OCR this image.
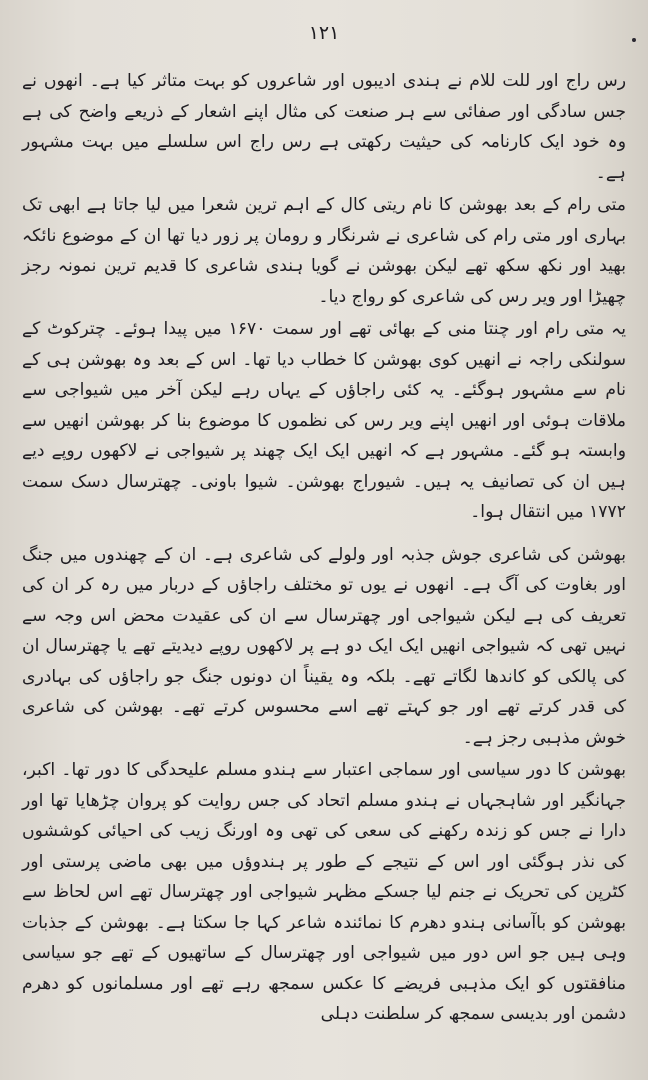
١٢١

رس راج اور للت للام نے ہندی ادیبوں اور شاعروں کو بہت متاثر کیا ہے۔ انھوں نے جس سادگی اور صفائی سے ہر صنعت کی مثال اپنے اشعار کے ذریعے واضح کی ہے وہ خود ایک کارنامہ کی حیثیت رکھتی ہے رس راج اس سلسلے میں بہت مشہور ہے۔

متی رام کے بعد بھوشن کا نام ریتی کال کے اہم ترین شعرا میں لیا جاتا ہے ابھی تک بہاری اور متی رام کی شاعری نے شرنگار و رومان پر زور دیا تھا ان کے موضوع نائکہ بھید اور نکھ سکھ تھے لیکن بھوشن نے گویا ہندی شاعری کا قدیم ترین نمونہ رجز چھیڑا اور ویر رس کی شاعری کو رواج دیا۔

یہ متی رام اور چنتا منی کے بھائی تھے اور سمت ۱۶۷۰ میں پیدا ہوئے۔ چترکوٹ کے سولنکی راجہ نے انھیں کوی بھوشن کا خطاب دیا تھا۔ اس کے بعد وہ بھوشن ہی کے نام سے مشہور ہوگئے۔ یہ کئی راجاؤں کے یہاں رہے لیکن آخر میں شیواجی سے ملاقات ہوئی اور انھیں اپنے ویر رس کی نظموں کا موضوع بنا کر بھوشن انھیں سے وابستہ ہو گئے۔ مشہور ہے کہ انھیں ایک ایک چھند پر شیواجی نے لاکھوں روپے دیے ہیں ان کی تصانیف یہ ہیں۔ شیوراج بھوشن۔ شیوا باونی۔ چھترسال دسک سمت ۱۷۷۲ میں انتقال ہوا۔

بھوشن کی شاعری جوش جذبہ اور ولولے کی شاعری ہے۔ ان کے چھندوں میں جنگ اور بغاوت کی آگ ہے۔ انھوں نے یوں تو مختلف راجاؤں کے دربار میں رہ کر ان کی تعریف کی ہے لیکن شیواجی اور چھترسال سے ان کی عقیدت محض اس وجہ سے نہیں تھی کہ شیواجی انھیں ایک ایک دو ہے پر لاکھوں روپے دیدیتے تھے یا چھترسال ان کی پالکی کو کاندھا لگاتے تھے۔ بلکہ وہ یقیناً ان دونوں جنگ جو راجاؤں کی بہادری کی قدر کرتے تھے اور جو کہتے تھے اسے محسوس کرتے تھے۔ بھوشن کی شاعری خوش مذہبی رجز ہے۔

بھوشن کا دور سیاسی اور سماجی اعتبار سے ہندو مسلم علیحدگی کا دور تھا۔ اکبر، جہانگیر اور شاہجہاں نے ہندو مسلم اتحاد کی جس روایت کو پروان چڑھایا تھا اور دارا نے جس کو زندہ رکھنے کی سعی کی تھی وہ اورنگ زیب کی احیائی کوششوں کی نذر ہوگئی اور اس کے نتیجے کے طور پر ہندوؤں میں بھی ماضی پرستی اور کٹرپن کی تحریک نے جنم لیا جسکے مظہر شیواجی اور چھترسال تھے اس لحاظ سے بھوشن کو باآسانی ہندو دھرم کا نمائندہ شاعر کہا جا سکتا ہے۔ بھوشن کے جذبات وہی ہیں جو اس دور میں شیواجی اور چھترسال کے ساتھیوں کے تھے جو سیاسی منافقتوں کو ایک مذہبی فریضے کا عکس سمجھ رہے تھے اور مسلمانوں کو دھرم دشمن اور بدیسی سمجھ کر سلطنت دہلی
